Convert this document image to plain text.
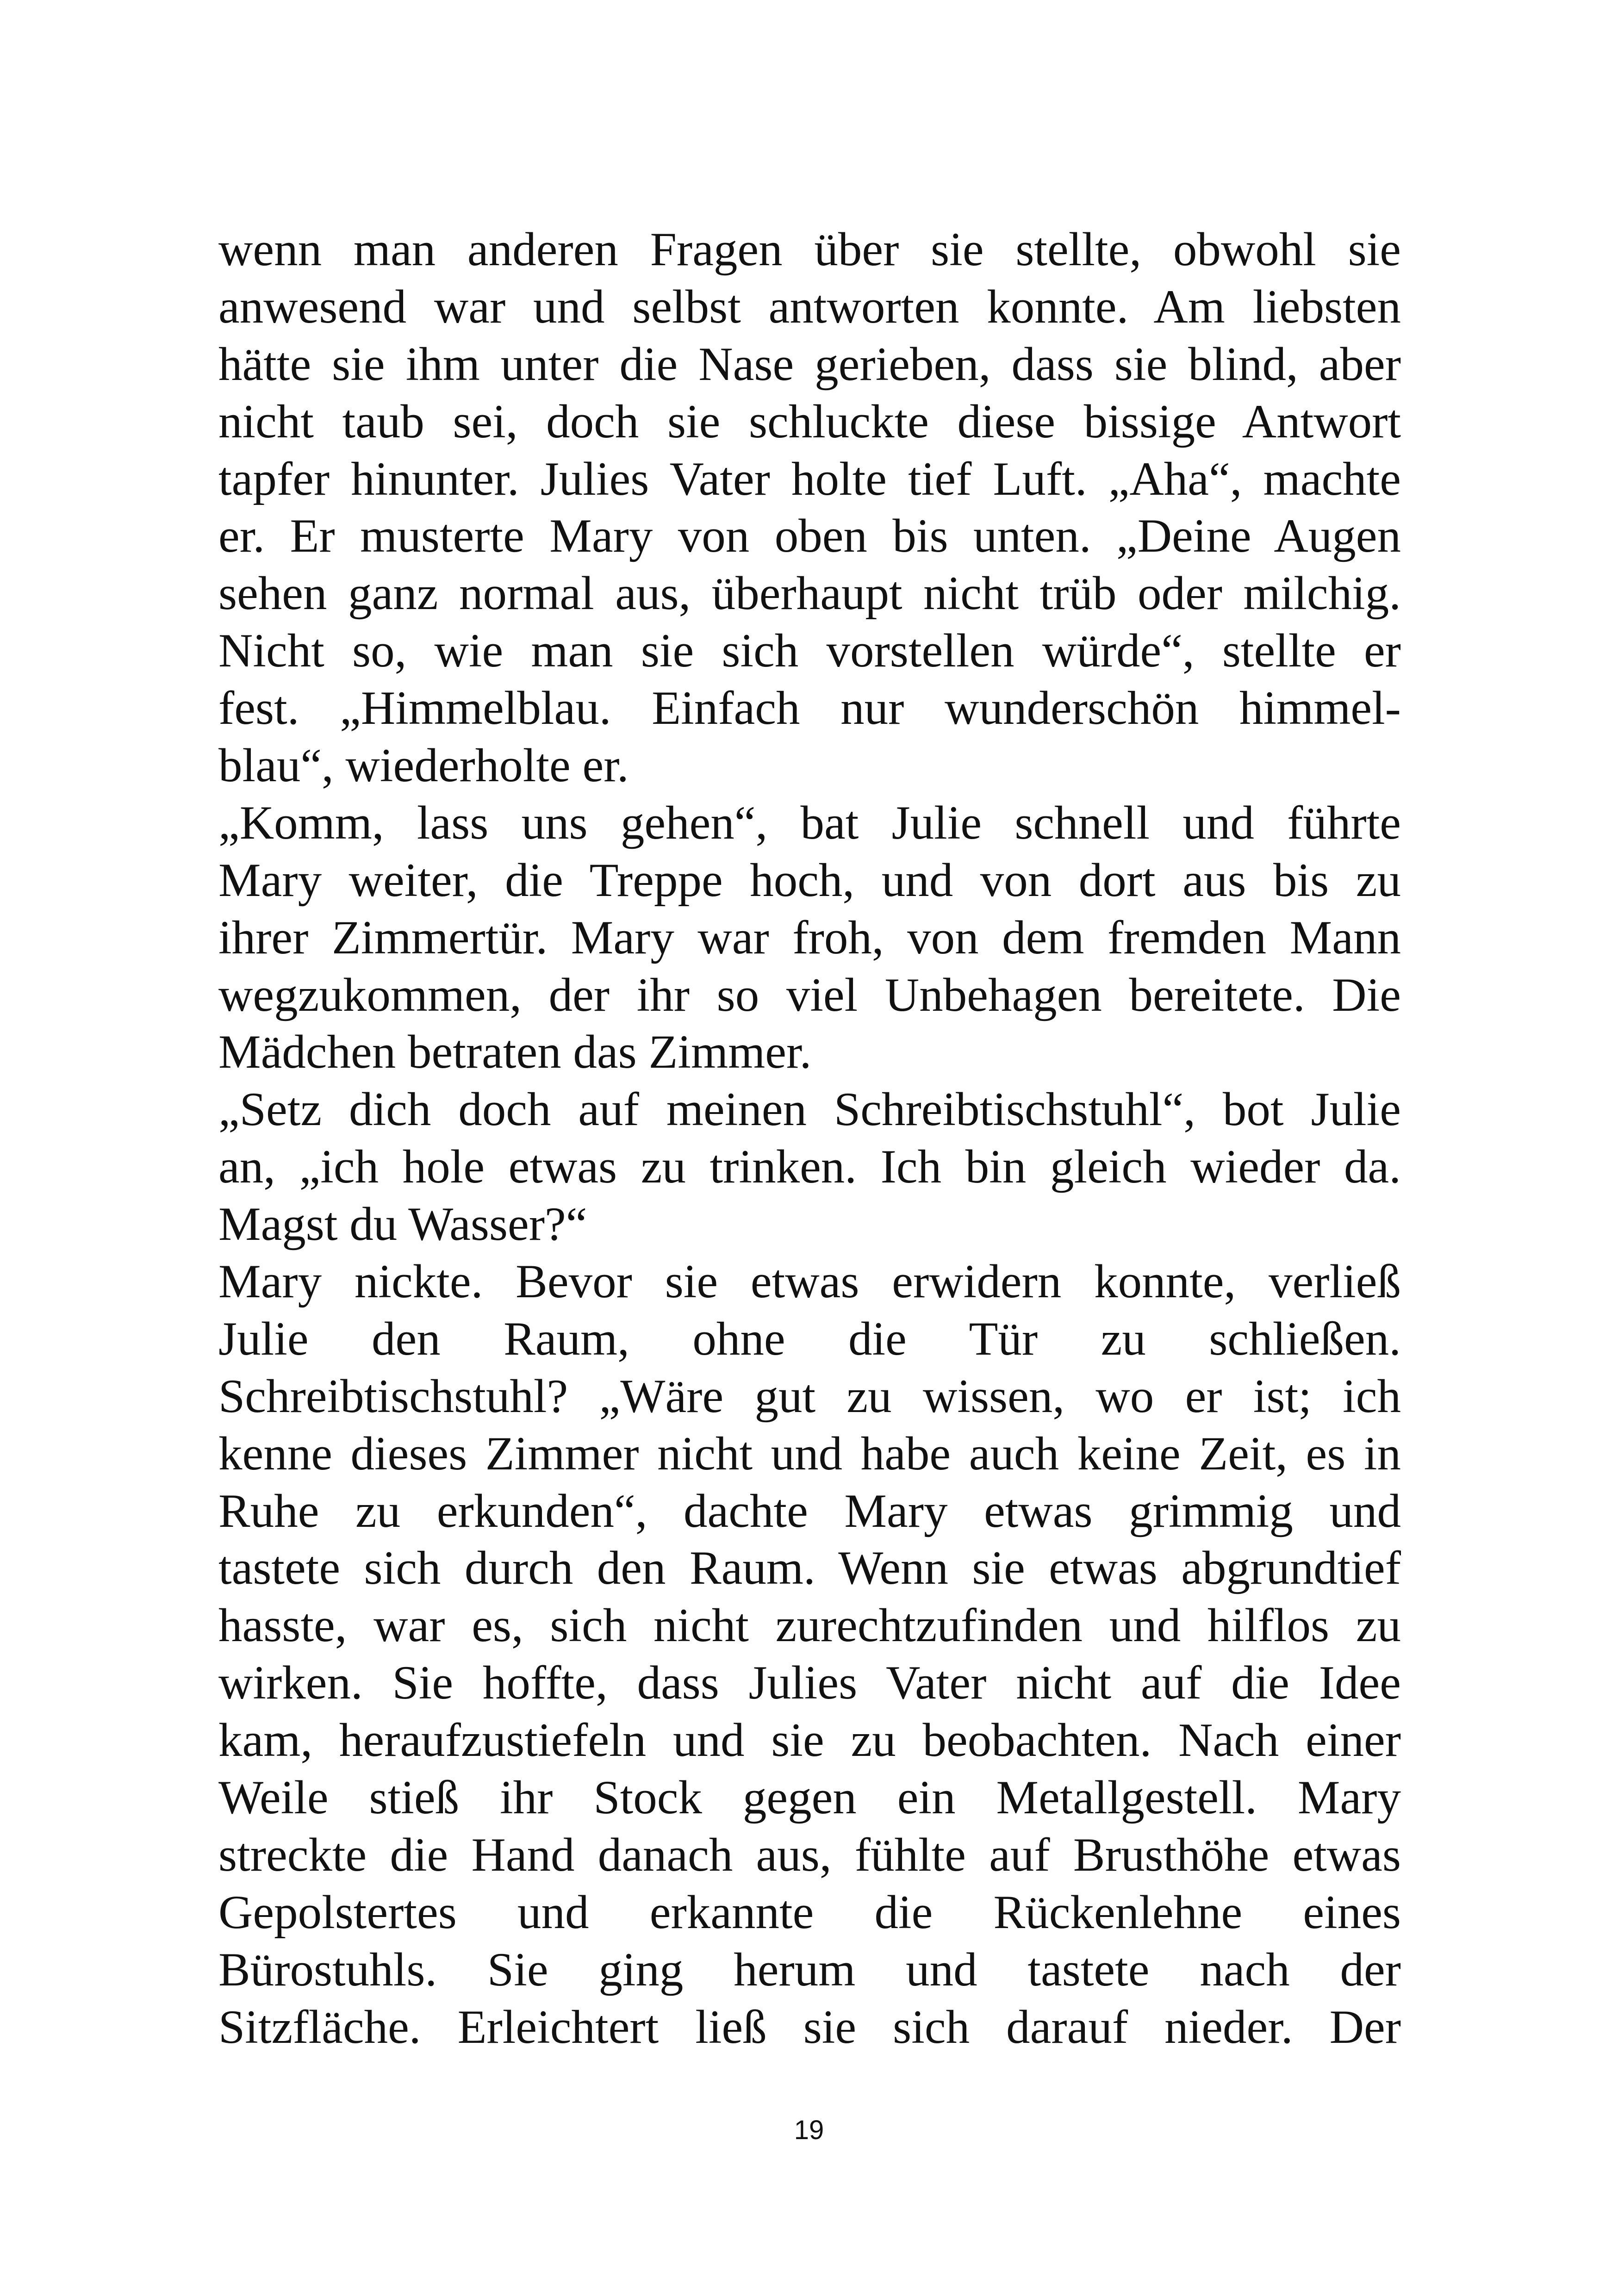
wenn man anderen Fragen über sie stellte, obwohl sie
anwesend war und selbst antworten konnte. Am liebsten
hätte sie ihm unter die Nase gerieben, dass sie blind, aber
nicht taub sei, doch sie schluckte diese bissige Antwort
tapfer hinunter. Julies Vater holte tief Luft. „Aha“, machte
er. Er musterte Mary von oben bis unten. „Deine Augen
sehen ganz normal aus, überhaupt nicht trüb oder milchig.
Nicht so, wie man sie sich vorstellen würde“, stellte er
fest. „Himmelblau. Einfach nur wunderschön himmel-
blau“, wiederholte er.
„Komm, lass uns gehen“, bat Julie schnell und führte
Mary weiter, die Treppe hoch, und von dort aus bis zu
ihrer Zimmertür. Mary war froh, von dem fremden Mann
wegzukommen, der ihr so viel Unbehagen bereitete. Die
Mädchen betraten das Zimmer.
„Setz dich doch auf meinen Schreibtischstuhl“, bot Julie
an, „ich hole etwas zu trinken. Ich bin gleich wieder da.
Magst du Wasser?“
Mary nickte. Bevor sie etwas erwidern konnte, verließ
Julie den Raum, ohne die Tür zu schließen.
Schreibtischstuhl? „Wäre gut zu wissen, wo er ist; ich
kenne dieses Zimmer nicht und habe auch keine Zeit, es in
Ruhe zu erkunden“, dachte Mary etwas grimmig und
tastete sich durch den Raum. Wenn sie etwas abgrundtief
hasste, war es, sich nicht zurechtzufinden und hilflos zu
wirken. Sie hoffte, dass Julies Vater nicht auf die Idee
kam, heraufzustiefeln und sie zu beobachten. Nach einer
Weile stieß ihr Stock gegen ein Metallgestell. Mary
streckte die Hand danach aus, fühlte auf Brusthöhe etwas
Gepolstertes und erkannte die Rückenlehne eines
Bürostuhls. Sie ging herum und tastete nach der
Sitzfläche. Erleichtert ließ sie sich darauf nieder. Der
19
